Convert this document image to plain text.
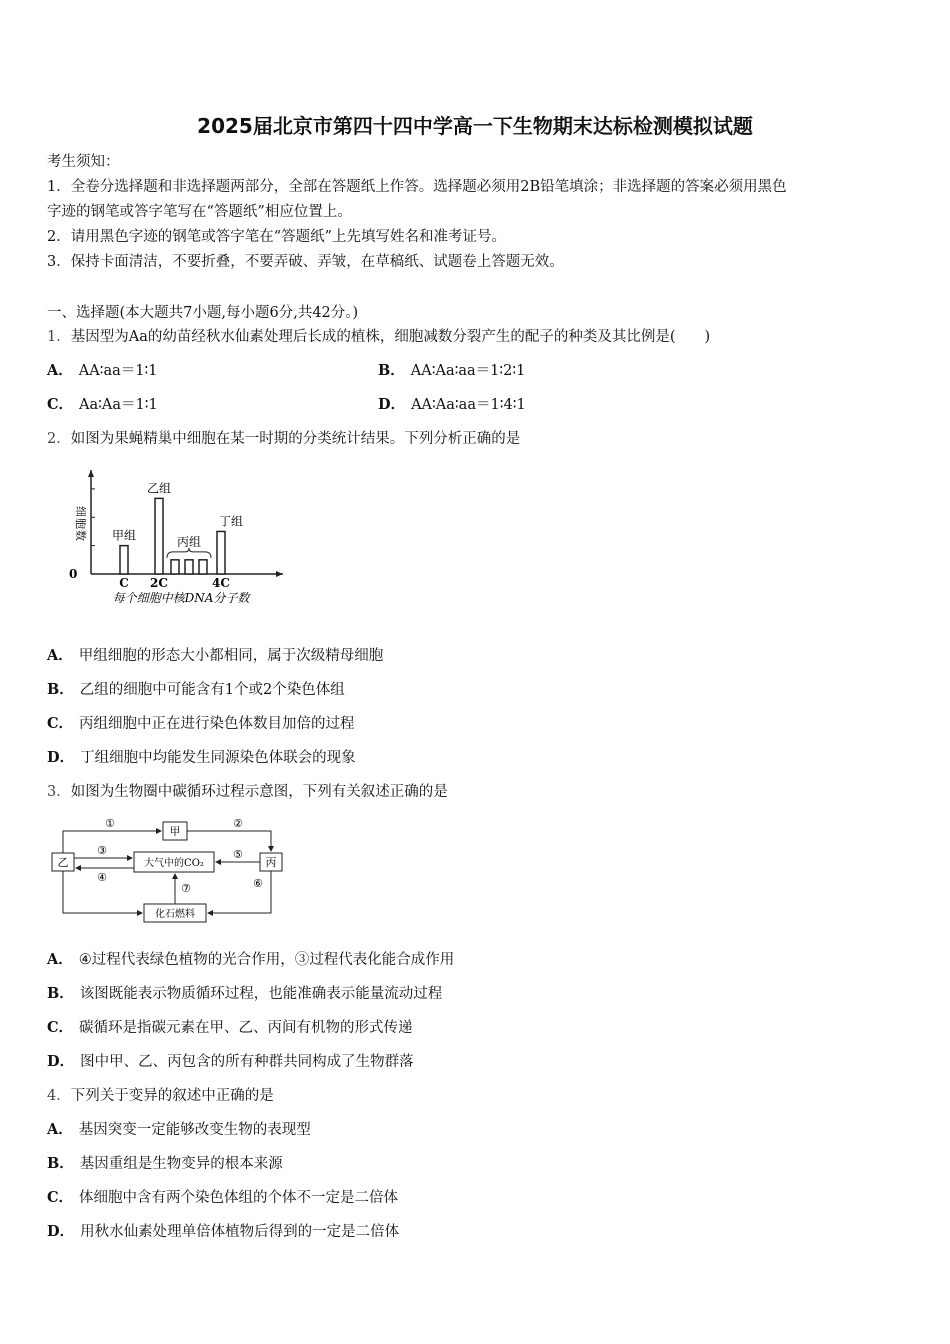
2025届北京市第四十四中学高一下生物期末达标检测模拟试题
考生须知：
1．全卷分选择题和非选择题两部分，全部在答题纸上作答。选择题必须用2B铅笔填涂；非选择题的答案必须用黑色
字迹的钢笔或答字笔写在“答题纸”相应位置上。
2．请用黑色字迹的钢笔或答字笔在“答题纸”上先填写姓名和准考证号。
3．保持卡面清洁，不要折叠，不要弄破、弄皱，在草稿纸、试题卷上答题无效。
一、选择题(本大题共7小题,每小题6分,共42分。)
1．基因型为Aa的幼苗经秋水仙素处理后长成的植株，细胞减数分裂产生的配子的种类及其比例是(　　)
A． AA∶aa＝1∶1	B． AA∶Aa∶aa＝1∶2∶1
C． Aa∶Aa＝1∶1	D． AA∶Aa∶aa＝1∶4∶1
2．如图为果蝇精巢中细胞在某一时期的分类统计结果。下列分析正确的是
0
细胞数
每个细胞中核DNA分子数
C 2C	4C
甲组
乙组
丙组
丁组
A． 甲组细胞的形态大小都相同，属于次级精母细胞
B． 乙组的细胞中可能含有1个或2个染色体组
C． 丙组细胞中正在进行染色体数目加倍的过程
D． 丁组细胞中均能发生同源染色体联会的现象
3．如图为生物圈中碳循环过程示意图，下列有关叙述正确的是
甲
乙	丙
大气中的CO₂
化石燃料
①	②
③
④
⑤
⑥
⑦
A． ④过程代表绿色植物的光合作用，③过程代表化能合成作用
B． 该图既能表示物质循环过程，也能准确表示能量流动过程
C． 碳循环是指碳元素在甲、乙、丙间有机物的形式传递
D． 图中甲、乙、丙包含的所有种群共同构成了生物群落
4．下列关于变异的叙述中正确的是
A． 基因突变一定能够改变生物的表现型
B． 基因重组是生物变异的根本来源
C． 体细胞中含有两个染色体组的个体不一定是二倍体
D． 用秋水仙素处理单倍体植物后得到的一定是二倍体
